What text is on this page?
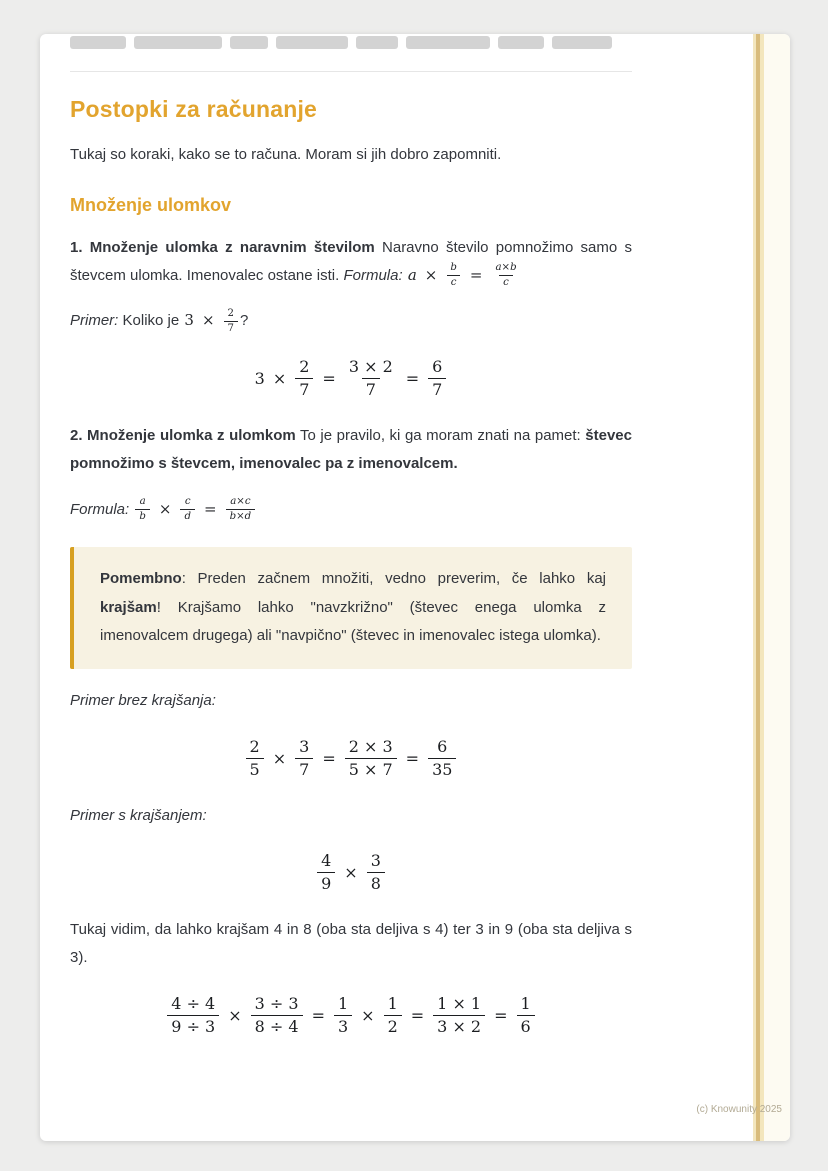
Postopki za računanje

Tukaj so koraki, kako se to računa. Moram si jih dobro zapomniti.

Množenje ulomkov

1. Množenje ulomka z naravnim številom Naravno število pomnožimo samo s števcem ulomka. Imenovalec ostane isti. Formula: $a \times \frac{b}{c} = \frac{a\times b}{c}$

Primer: Koliko je $3 \times \frac{2}{7}$ ?

$3 \times \frac{2}{7} = \frac{3 \times 2}{7} = \frac{6}{7}$

2. Množenje ulomka z ulomkom To je pravilo, ki ga moram znati na pamet: števec pomnožimo s števcem, imenovalec pa z imenovalcem.

Formula: $\frac{a}{b} \times \frac{c}{d} = \frac{a\times c}{b\times d}$

Pomembno: Preden začnem množiti, vedno preverim, če lahko kaj krajšam! Krajšamo lahko "navzkrižno" (števec enega ulomka z imenovalcem drugega) ali "navpično" (števec in imenovalec istega ulomka).

Primer brez krajšanja:

$\frac{2}{5} \times \frac{3}{7} = \frac{2 \times 3}{5 \times 7} = \frac{6}{35}$

Primer s krajšanjem:

$\frac{4}{9} \times \frac{3}{8}$

Tukaj vidim, da lahko krajšam 4 in 8 (oba sta deljiva s 4) ter 3 in 9 (oba sta deljiva s 3).

$\frac{4 \div 4}{9 \div 3} \times \frac{3 \div 3}{8 \div 4} = \frac{1}{3} \times \frac{1}{2} = \frac{1 \times 1}{3 \times 2} = \frac{1}{6}$
(c) Knowunity 2025
